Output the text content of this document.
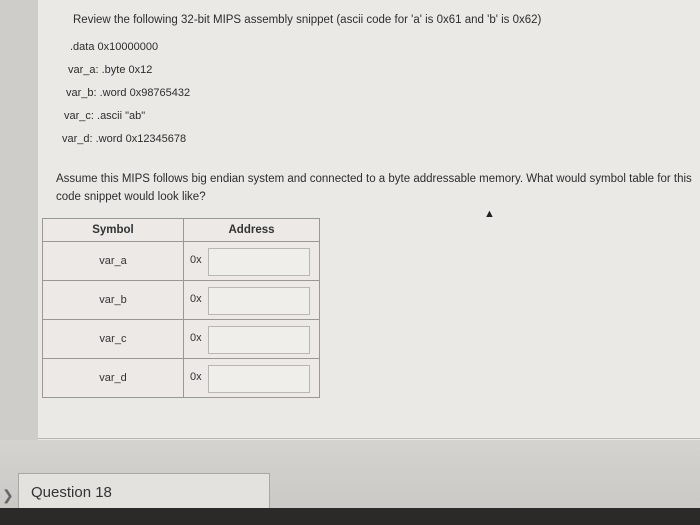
Review the following 32-bit MIPS assembly snippet (ascii code for 'a' is 0x61 and 'b' is 0x62)
.data 0x10000000
var_a: .byte 0x12
var_b: .word 0x98765432
var_c: .ascii "ab"
var_d: .word 0x12345678
Assume this MIPS follows big endian system and connected to a byte addressable memory. What would symbol table for this code snippet would look like?
▲
Symbol	Address
var_a	0x

var_b	0x

var_c	0x

var_d	0x
❯ Question 18
